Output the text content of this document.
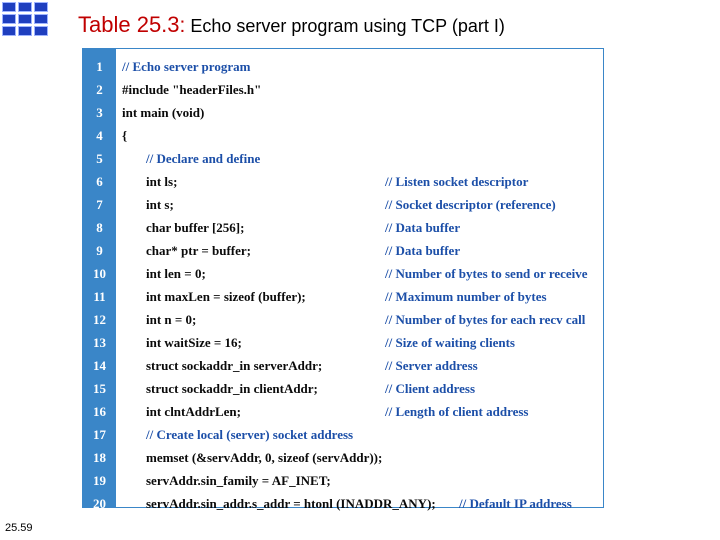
Table 25.3: Echo server program using TCP (part I)
1	// Echo server program
2	#include "headerFiles.h"
3	int main (void)
4	{
5	// Declare and define
6	int ls;	// Listen socket descriptor
7	int s;	// Socket descriptor (reference)
8	char buffer [256];	// Data buffer
9	char* ptr = buffer;	// Data buffer
10	int len = 0;	// Number of bytes to send or receive
11	int maxLen = sizeof (buffer);	// Maximum number of bytes
12	int n = 0;	// Number of bytes for each recv call
13	int waitSize = 16;	// Size of waiting clients
14	struct sockaddr_in serverAddr;	// Server address
15	struct sockaddr_in clientAddr;	// Client address
16	int clntAddrLen;	// Length of client address
17	// Create local (server) socket address
18	memset (&servAddr, 0, sizeof (servAddr));
19	servAddr.sin_family = AF_INET;
20	servAddr.sin_addr.s_addr = htonl (INADDR_ANY); // Default IP address
25.59
